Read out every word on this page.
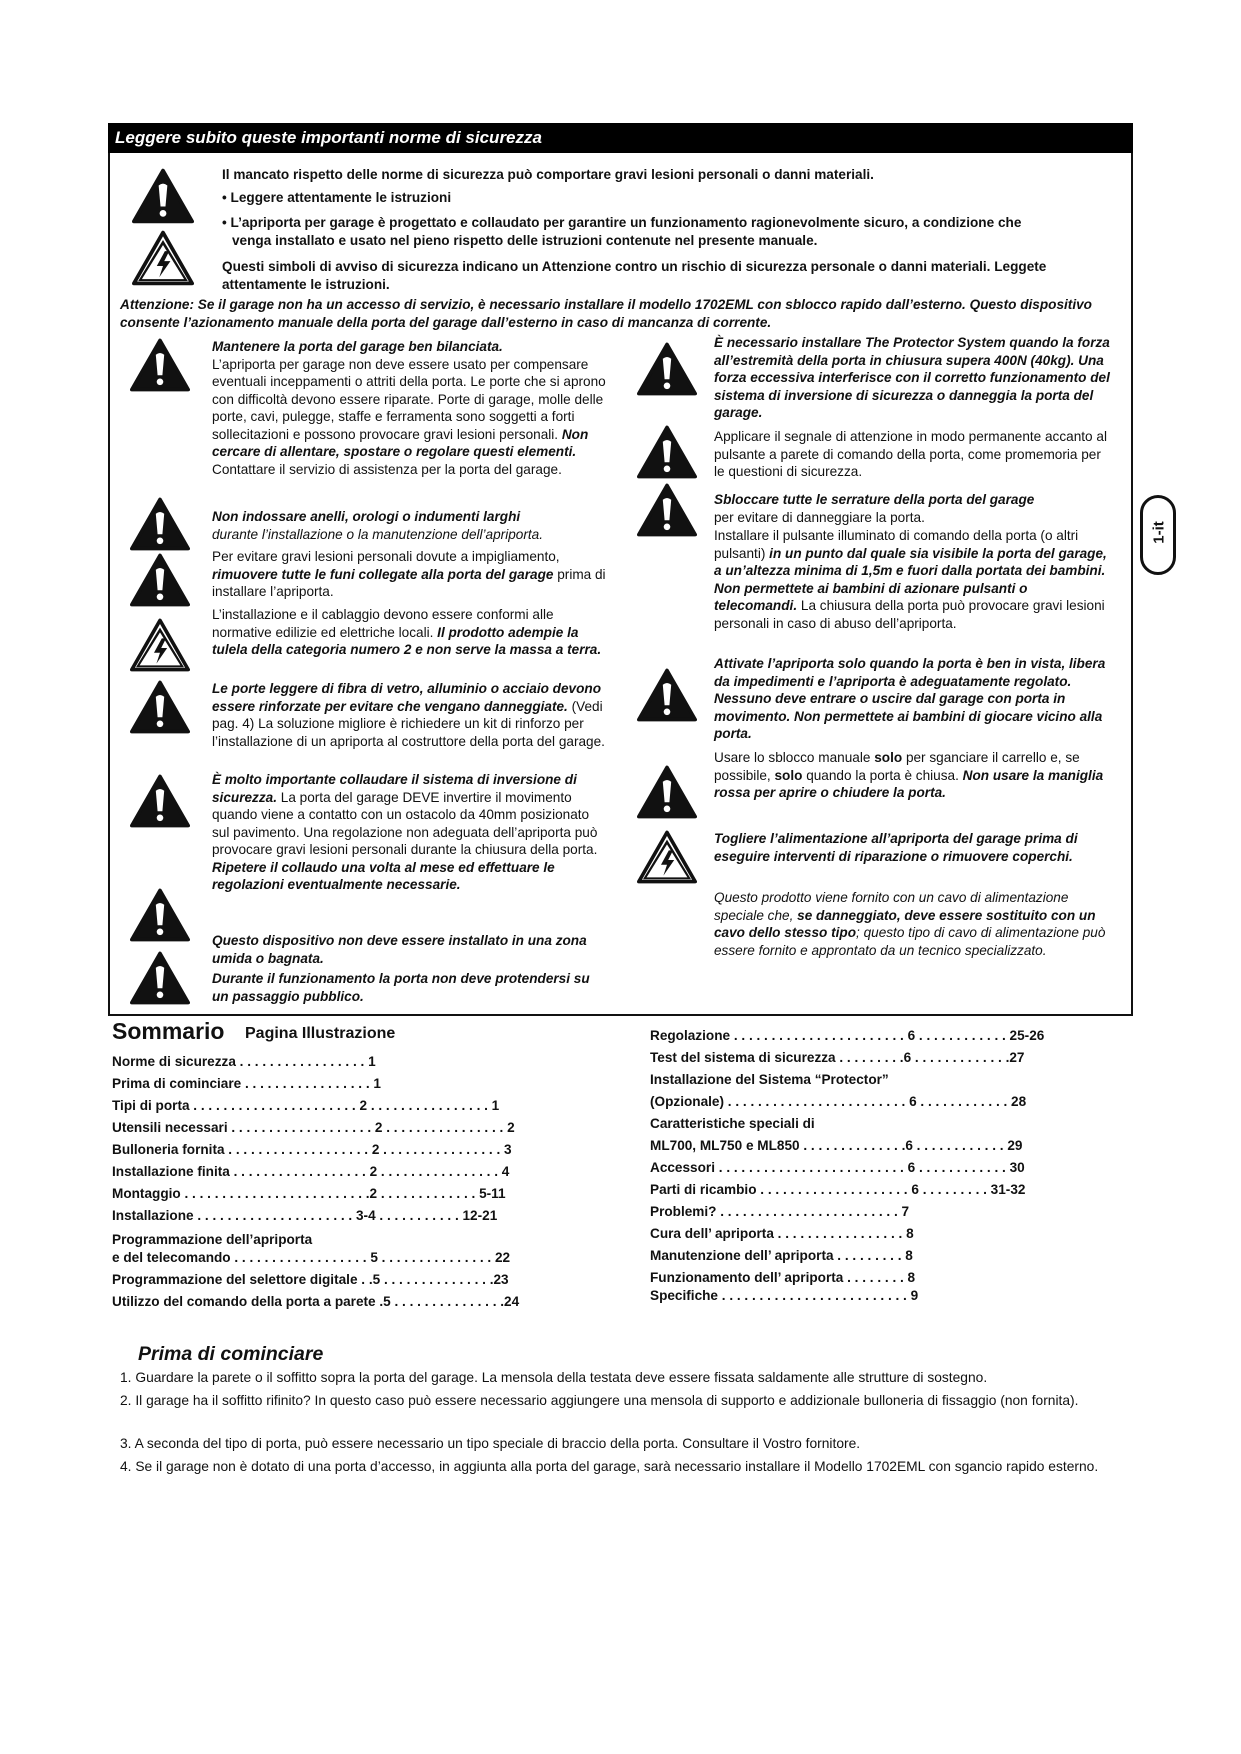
Leggere subito queste importanti norme di sicurezza
Il mancato rispetto delle norme di sicurezza può comportare gravi lesioni personali o danni materiali.
• Leggere attentamente le istruzioni
• L’apriporta per garage è progettato e collaudato per garantire un funzionamento ragionevolmente sicuro, a condizione che venga installato e usato nel pieno rispetto delle istruzioni contenute nel presente manuale.
Questi simboli di avviso di sicurezza indicano un Attenzione contro un rischio di sicurezza personale o danni materiali. Leggete attentamente le istruzioni.
Attenzione: Se il garage non ha un accesso di servizio, è necessario installare il modello 1702EML con sblocco rapido dall’esterno. Questo dispositivo consente l’azionamento manuale della porta del garage dall’esterno in caso di mancanza di corrente.
Mantenere la porta del garage ben bilanciata.
L’apriporta per garage non deve essere usato per compensare eventuali inceppamenti o attriti della porta. Le porte che si aprono con difficoltà devono essere riparate. Porte di garage, molle delle porte, cavi, pulegge, staffe e ferramenta sono soggetti a forti sollecitazioni e possono provocare gravi lesioni personali. Non cercare di allentare, spostare o regolare questi elementi. Contattare il servizio di assistenza per la porta del garage.
Non indossare anelli, orologi o indumenti larghi
durante l’installazione o la manutenzione dell’apriporta.
Per evitare gravi lesioni personali dovute a impigliamento, rimuovere tutte le funi collegate alla porta del garage prima di installare l’apriporta.
L’installazione e il cablaggio devono essere conformi alle normative edilizie ed elettriche locali. Il prodotto adempie la tulela della categoria numero 2 e non serve la massa a terra.
Le porte leggere di fibra di vetro, alluminio o acciaio devono essere rinforzate per evitare che vengano danneggiate. (Vedi pag. 4) La soluzione migliore è richiedere un kit di rinforzo per l’installazione di un apriporta al costruttore della porta del garage.
È molto importante collaudare il sistema di inversione di sicurezza. La porta del garage DEVE invertire il movimento quando viene a contatto con un ostacolo da 40mm posizionato sul pavimento. Una regolazione non adeguata dell’apriporta può provocare gravi lesioni personali durante la chiusura della porta. Ripetere il collaudo una volta al mese ed effettuare le regolazioni eventualmente necessarie.
Questo dispositivo non deve essere installato in una zona umida o bagnata.
Durante il funzionamento la porta non deve protendersi su un passaggio pubblico.
È necessario installare The Protector System quando la forza all’estremità della porta in chiusura supera 400N (40kg). Una forza eccessiva interferisce con il corretto funzionamento del sistema di inversione di sicurezza o danneggia la porta del garage.
Applicare il segnale di attenzione in modo permanente accanto al pulsante a parete di comando della porta, come promemoria per le questioni di sicurezza.
Sbloccare tutte le serrature della porta del garage
per evitare di danneggiare la porta.
Installare il pulsante illuminato di comando della porta (o altri pulsanti) in un punto dal quale sia visibile la porta del garage, a un’altezza minima di 1,5m e fuori dalla portata dei bambini. Non permettete ai bambini di azionare pulsanti o telecomandi. La chiusura della porta può provocare gravi lesioni personali in caso di abuso dell’apriporta.
Attivate l’apriporta solo quando la porta è ben in vista, libera da impedimenti e l’apriporta è adeguatamente regolato. Nessuno deve entrare o uscire dal garage con porta in movimento. Non permettete ai bambini di giocare vicino alla porta.
Usare lo sblocco manuale solo per sganciare il carrello e, se possibile, solo quando la porta è chiusa. Non usare la maniglia rossa per aprire o chiudere la porta.
Togliere l’alimentazione all’apriporta del garage prima di eseguire interventi di riparazione o rimuovere coperchi.
Questo prodotto viene fornito con un cavo di alimentazione speciale che, se danneggiato, deve essere sostituito con un cavo dello stesso tipo; questo tipo di cavo di alimentazione può essere fornito e approntato da un tecnico specializzato.
1-it
Sommario Pagina Illustrazione
Norme di sicurezza . . . . . . . . . . . . . . . . . 1
Prima di cominciare . . . . . . . . . . . . . . . . . 1
Tipi di porta . . . . . . . . . . . . . . . . . . . . . . 2 . . . . . . . . . . . . . . . . 1
Utensili necessari . . . . . . . . . . . . . . . . . . . 2 . . . . . . . . . . . . . . . . 2
Bulloneria fornita . . . . . . . . . . . . . . . . . . . 2 . . . . . . . . . . . . . . . . 3
Installazione finita . . . . . . . . . . . . . . . . . . 2 . . . . . . . . . . . . . . . . 4
Montaggio . . . . . . . . . . . . . . . . . . . . . . . . .2 . . . . . . . . . . . . . 5-11
Installazione . . . . . . . . . . . . . . . . . . . . . 3-4 . . . . . . . . . . . 12-21
Programmazione dell’apriporta
e del telecomando . . . . . . . . . . . . . . . . . . 5 . . . . . . . . . . . . . . . 22
Programmazione del selettore digitale . .5 . . . . . . . . . . . . . . .23
Utilizzo del comando della porta a parete .5 . . . . . . . . . . . . . . .24
Regolazione . . . . . . . . . . . . . . . . . . . . . . . 6 . . . . . . . . . . . . 25-26
Test del sistema di sicurezza . . . . . . . . .6 . . . . . . . . . . . . .27
Installazione del Sistema “Protector”
(Opzionale) . . . . . . . . . . . . . . . . . . . . . . . . 6 . . . . . . . . . . . . 28
Caratteristiche speciali di
ML700, ML750 e ML850 . . . . . . . . . . . . . .6 . . . . . . . . . . . . 29
Accessori . . . . . . . . . . . . . . . . . . . . . . . . . 6 . . . . . . . . . . . . 30
Parti di ricambio . . . . . . . . . . . . . . . . . . . . 6 . . . . . . . . . 31-32
Problemi? . . . . . . . . . . . . . . . . . . . . . . . . 7
Cura dell’ apriporta . . . . . . . . . . . . . . . . . 8
Manutenzione dell’ apriporta . . . . . . . . . 8
Funzionamento dell’ apriporta . . . . . . . . 8
Specifiche . . . . . . . . . . . . . . . . . . . . . . . . . 9
Prima di cominciare
1. Guardare la parete o il soffitto sopra la porta del garage. La mensola della testata deve essere fissata saldamente alle strutture di sostegno.
2. Il garage ha il soffitto rifinito? In questo caso può essere necessario aggiungere una mensola di supporto e addizionale bulloneria di fissaggio (non fornita).
3. A seconda del tipo di porta, può essere necessario un tipo speciale di braccio della porta. Consultare il Vostro fornitore.
4. Se il garage non è dotato di una porta d’accesso, in aggiunta alla porta del garage, sarà necessario installare il Modello 1702EML con sgancio rapido esterno.
